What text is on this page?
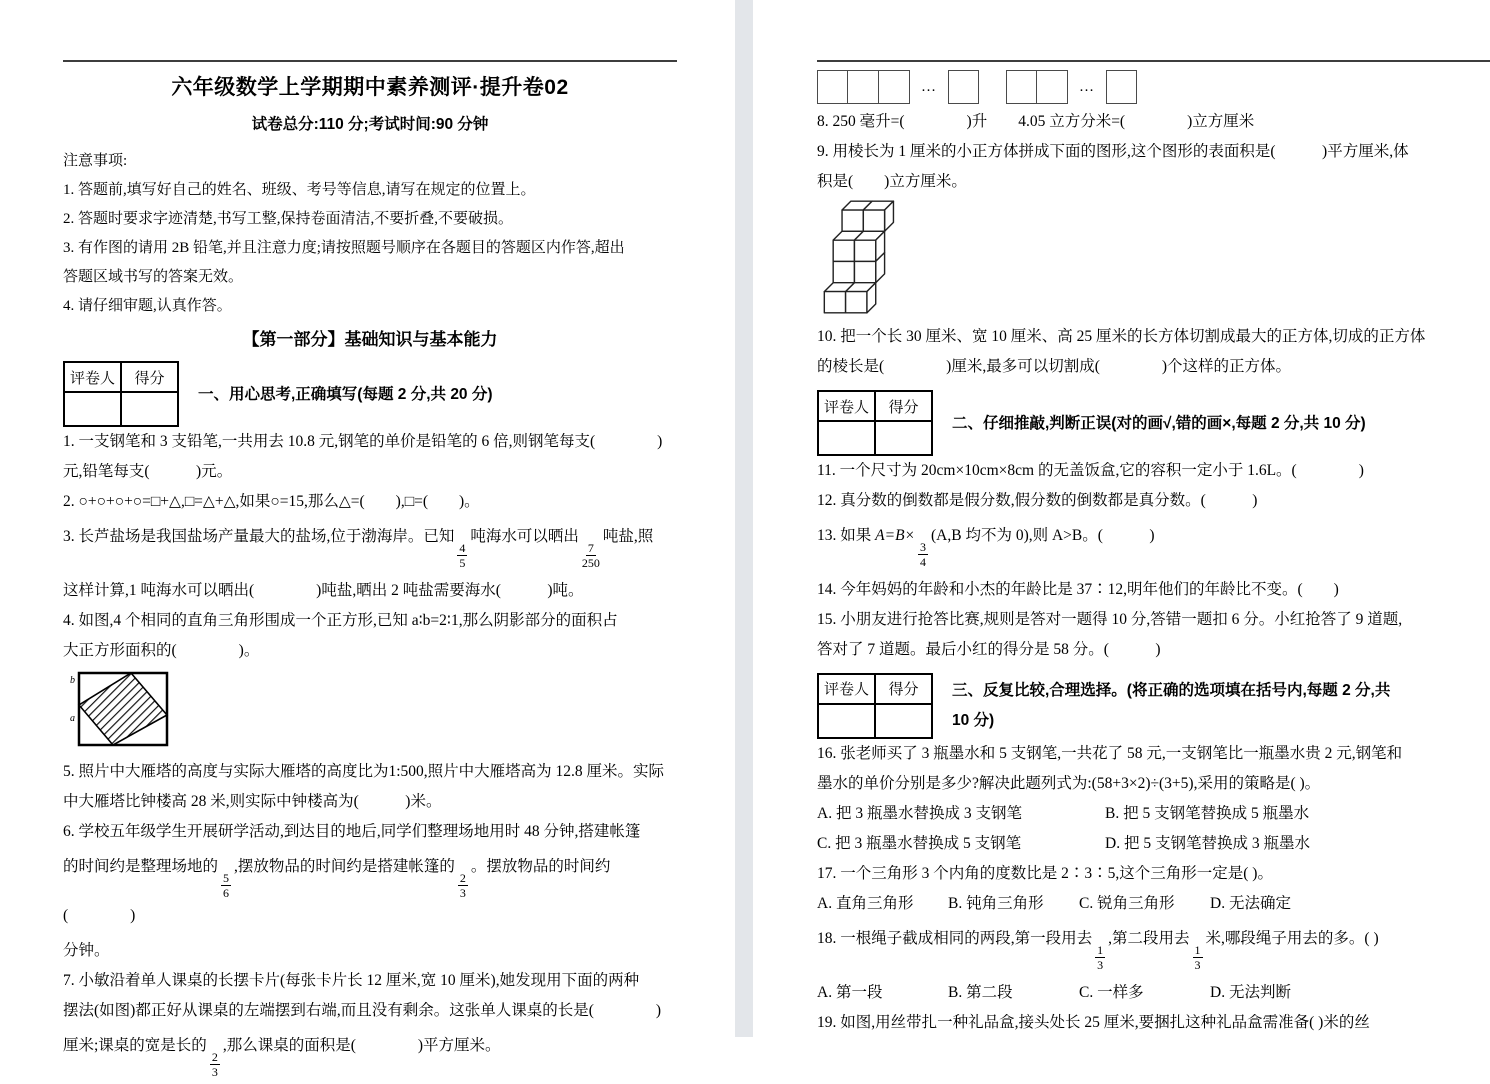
六年级数学上学期期中素养测评·提升卷02
试卷总分:110 分;考试时间:90 分钟
注意事项:
1. 答题前,填写好自己的姓名、班级、考号等信息,请写在规定的位置上。
2. 答题时要求字迹清楚,书写工整,保持卷面清洁,不要折叠,不要破损。
3. 有作图的请用 2B 铅笔,并且注意力度;请按照题号顺序在各题目的答题区内作答,超出
答题区域书写的答案无效。
4. 请仔细审题,认真作答。
【第一部分】基础知识与基本能力
评卷人	得分

一、用心思考,正确填写(每题 2 分,共 20 分)
1. 一支钢笔和 3 支铅笔,一共用去 10.8 元,钢笔的单价是铅笔的 6 倍,则钢笔每支(　　　　)
元,铅笔每支(　　　)元。
2. ○+○+○+○=□+△,□=△+△,如果○=15,那么△=(　　),□=(　　)。
3. 长芦盐场是我国盐场产量最大的盐场,位于渤海岸。已知
$\frac{4}{5}$
吨海水可以晒出
$\frac{7}{250}$
吨盐,照
这样计算,1 吨海水可以晒出(　　　　)吨盐,晒出 2 吨盐需要海水(　　　)吨。
4. 如图,4 个相同的直角三角形围成一个正方形,已知 a∶b=2∶1,那么阴影部分的面积占
大正方形面积的(　　　　)。
b
a
5. 照片中大雁塔的高度与实际大雁塔的高度比为1:500,照片中大雁塔高为 12.8 厘米。实际
中大雁塔比钟楼高 28 米,则实际中钟楼高为(　　　)米。
6. 学校五年级学生开展研学活动,到达目的地后,同学们整理场地用时 48 分钟,搭建帐篷
的时间约是整理场地的
$\frac{5}{6}$
,摆放物品的时间约是搭建帐篷的
$\frac{2}{3}$
。摆放物品的时间约(　　　　)
分钟。
7. 小敏沿着单人课桌的长摆卡片(每张卡片长 12 厘米,宽 10 厘米),她发现用下面的两种
摆法(如图)都正好从课桌的左端摆到右端,而且没有剩余。这张单人课桌的长是(　　　　)
厘米;课桌的宽是长的
$\frac{2}{3}$
,那么课桌的面积是(　　　　)平方厘米。
…	…
8. 250 毫升=(　　　　)升　　4.05 立方分米=(　　　　)立方厘米
9. 用棱长为 1 厘米的小正方体拼成下面的图形,这个图形的表面积是(　　　)平方厘米,体
积是(　　)立方厘米。
10. 把一个长 30 厘米、宽 10 厘米、高 25 厘米的长方体切割成最大的正方体,切成的正方体
的棱长是(　　　　)厘米,最多可以切割成(　　　　)个这样的正方体。
评卷人	得分

二、仔细推敲,判断正误(对的画√,错的画×,每题 2 分,共 10 分)
11. 一个尺寸为 20cm×10cm×8cm 的无盖饭盒,它的容积一定小于 1.6L。(　　　　)
12. 真分数的倒数都是假分数,假分数的倒数都是真分数。(　　　)
13. 如果 A=B×
$\frac{3}{4}$
(A,B 均不为 0),则 A>B。(　　　)
14. 今年妈妈的年龄和小杰的年龄比是 37∶12,明年他们的年龄比不变。(　　)
15. 小朋友进行抢答比赛,规则是答对一题得 10 分,答错一题扣 6 分。小红抢答了 9 道题,
答对了 7 道题。最后小红的得分是 58 分。(　　　)
评卷人	得分
	三、反复比较,合理选择。(将正确的选项填在括号内,每题 2 分,共
10 分)
16. 张老师买了 3 瓶墨水和 5 支钢笔,一共花了 58 元,一支钢笔比一瓶墨水贵 2 元,钢笔和
墨水的单价分别是多少?解决此题列式为:(58+3×2)÷(3+5),采用的策略是( )。
A. 把 3 瓶墨水替换成 3 支钢笔	B. 把 5 支钢笔替换成 5 瓶墨水
C. 把 3 瓶墨水替换成 5 支钢笔	D. 把 5 支钢笔替换成 3 瓶墨水
17. 一个三角形 3 个内角的度数比是 2∶3∶5,这个三角形一定是( )。
A. 直角三角形	B. 钝角三角形	C. 锐角三角形	D. 无法确定
18. 一根绳子截成相同的两段,第一段用去
$\frac{1}{3}$
,第二段用去
$\frac{1}{3}$
米,哪段绳子用去的多。( )
A. 第一段	B. 第二段	C. 一样多	D. 无法判断
19. 如图,用丝带扎一种礼品盒,接头处长 25 厘米,要捆扎这种礼品盒需准备( )米的丝
